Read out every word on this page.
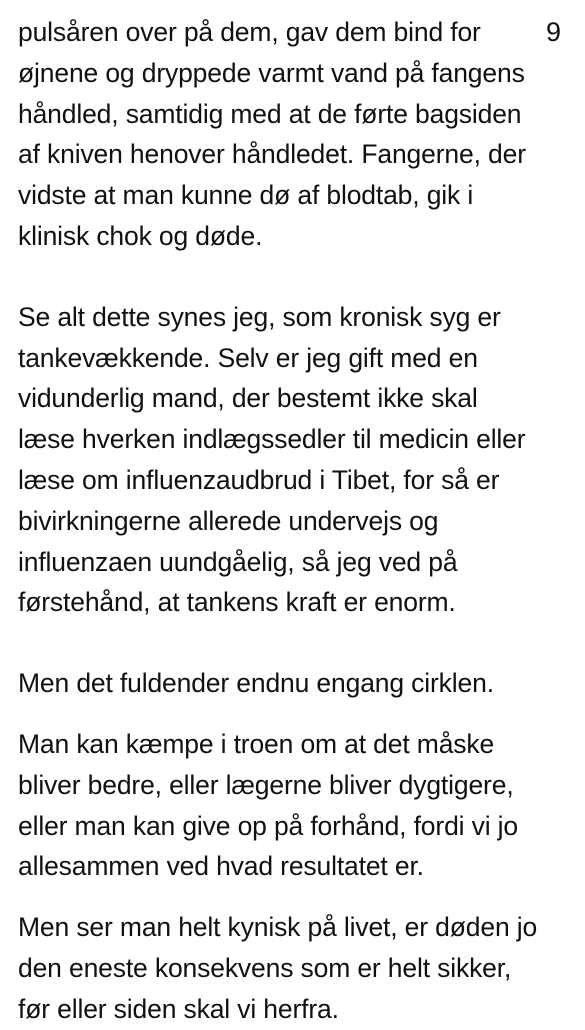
9

pulsåren over på dem, gav dem bind for
øjnene og dryppede varmt vand på fangens
håndled, samtidig med at de førte bagsiden
af kniven henover håndledet. Fangerne, der
vidste at man kunne dø af blodtab, gik i
klinisk chok og døde.

Se alt dette synes jeg, som kronisk syg er
tankevækkende. Selv er jeg gift med en
vidunderlig mand, der bestemt ikke skal
læse hverken indlægssedler til medicin eller
læse om influenzaudbrud i Tibet, for så er
bivirkningerne allerede undervejs og
influenzaen uundgåelig, så jeg ved på
førstehånd, at tankens kraft er enorm.

Men det fuldender endnu engang cirklen.

Man kan kæmpe i troen om at det måske
bliver bedre, eller lægerne bliver dygtigere,
eller man kan give op på forhånd, fordi vi jo
allesammen ved hvad resultatet er.

Men ser man helt kynisk på livet, er døden jo
den eneste konsekvens som er helt sikker,
før eller siden skal vi herfra.
